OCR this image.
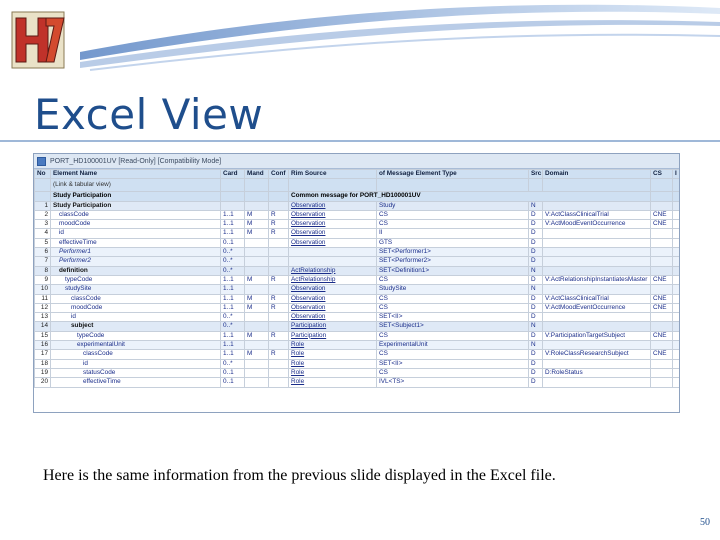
Excel View
PORT_HD100001UV [Read-Only] [Compatibility Mode]
No	Element Name	Card	Mand	Conf	Rim Source	of Message Element Type	Src	Domain	CS	I
	(Link & tabular view)									
	Study Participation				Common message for PORT_HD100001UV					
1	Study Participation				Observation	Study	N			
2	classCode	1..1	M	R	Observation	CS	D	V:ActClassClinicalTrial	CNE	
3	moodCode	1..1	M	R	Observation	CS	D	V:ActMoodEventOccurrence	CNE	
4	id	1..1	M	R	Observation	II	D			
5	effectiveTime	0..1			Observation	GTS	D			
6	Performer1	0..*				SET<Performer1>	D			
7	Performer2	0..*				SET<Performer2>	D			
8	definition	0..*			ActRelationship	SET<Definition1>	N			
9	typeCode	1..1	M	R	ActRelationship	CS	D	V:ActRelationshipInstantiatesMaster	CNE	
10	studySite	1..1			Observation	StudySite	N			
11	classCode	1..1	M	R	Observation	CS	D	V:ActClassClinicalTrial	CNE	
12	moodCode	1..1	M	R	Observation	CS	D	V:ActMoodEventOccurrence	CNE	
13	id	0..*			Observation	SET<II>	D			
14	subject	0..*			Participation	SET<Subject1>	N			
15	typeCode	1..1	M	R	Participation	CS	D	V:ParticipationTargetSubject	CNE	
16	experimentalUnit	1..1			Role	ExperimentalUnit	N			
17	classCode	1..1	M	R	Role	CS	D	V:RoleClassResearchSubject	CNE	
18	id	0..*			Role	SET<II>	D			
19	statusCode	0..1			Role	CS	D	D:RoleStatus		
20	effectiveTime	0..1			Role	IVL<TS>	D			

Here is the same information from the previous slide displayed in the Excel file.

50
